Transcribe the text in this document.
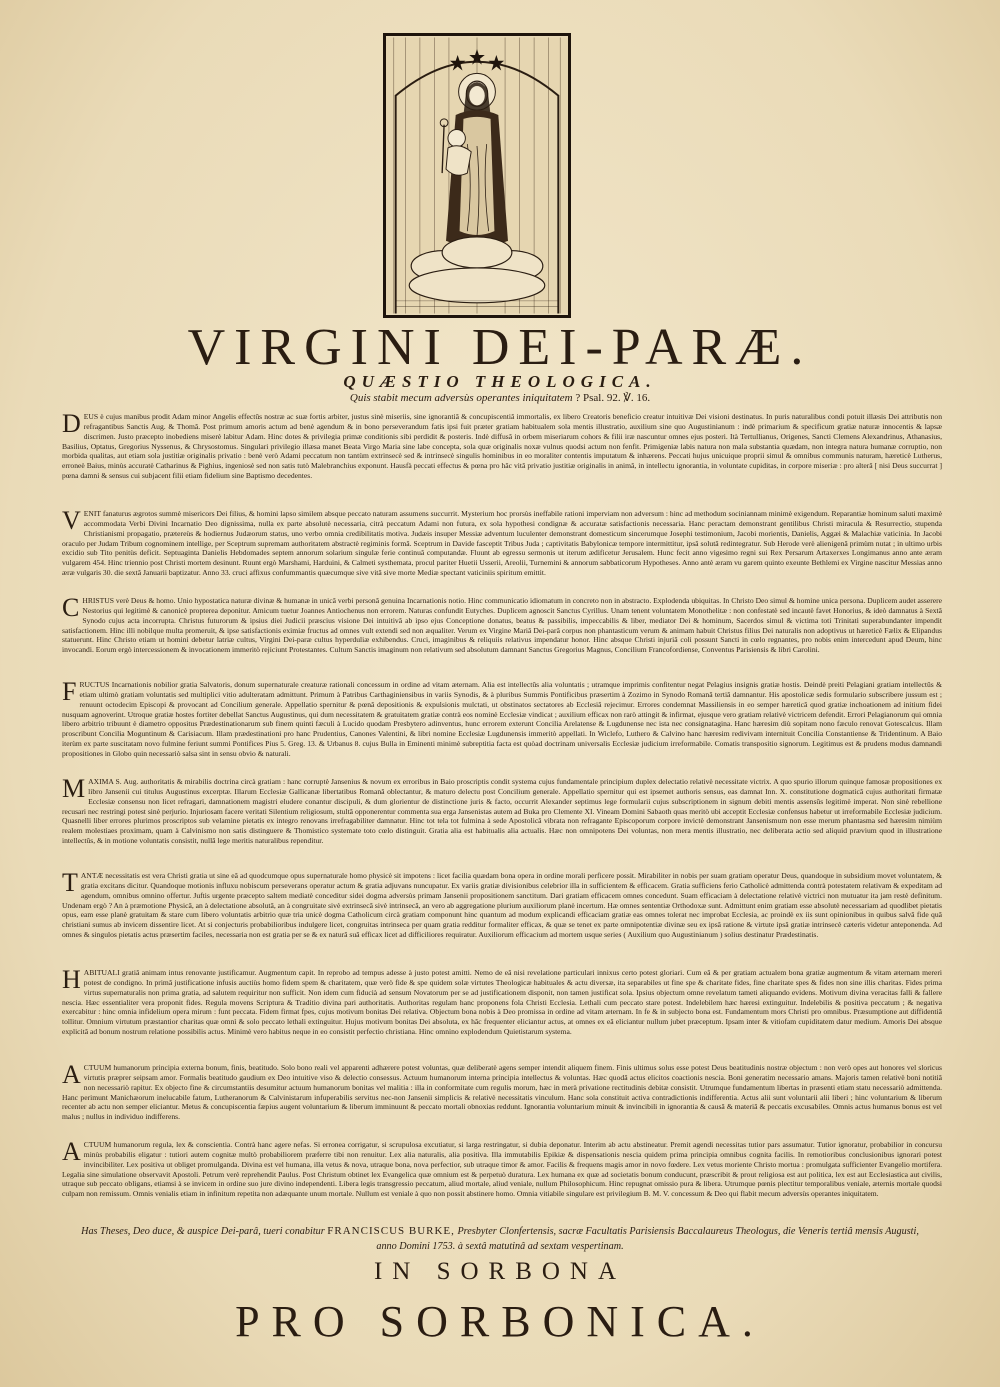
VIRGINI DEI-PARÆ.
QUÆSTIO THEOLOGICA.

Quis stabit mecum adversùs operantes iniquitatem ? Psal. 92. ℣. 16.

DEUS è cujus manibus prodit Adam minor Angelis effectûs nostræ ac suæ fortis arbiter, justus sinè miseriis, sine ignorantiâ & concupiscentiâ immortalis, ex libero Creatoris beneficio creatur intuitivæ Dei visioni destinatus. In puris naturalibus condi potuit illæsis Dei attributis non refragantibus Sanctis Aug. & Thomâ. Post primum amoris actum ad benè agendum & in bono perseverandum fatis ipsi fuit præter gratiam habitualem sola mentis illustratio, auxilium sine quo Augustinianum : indè primarium & specificum gratiæ naturæ innocentis & lapsæ discrimen. Justo præcepto inobediens miserè labitur Adam. Hinc dotes & privilegia primæ conditionis sibi perdidit & posteris. Indè diffusâ in orbem miseriarum cohors & filii iræ nascuntur omnes ejus posteri. Ità Tertullianus, Origenes, Sancti Clemens Alexandrinus, Athanasius, Basilius, Optatus, Gregorius Nyssenus, & Chrysostomus. Singulari privilegio illæsa manet Beata Virgo Maria sine labe concepta, sola quæ originalis noxæ vulnus quodsi actum non fenfit. Primigeniæ labis natura non mala substantia quædam, non integra natura humanæ corruptio, non morbida qualitas, aut etiam sola justitiæ originalis privatio : benè verò Adami peccatum non tantùm extrinsecè sed & intrinsecè singulis hominibus in eo moraliter contentis imputatum & inhærens. Peccati hujus unicuique proprii simul & omnibus communis naturam, hæreticè Lutherus, erroneè Baius, minùs accuratè Catharinus & Pighius, ingeniosè sed non satis tutò Malebranchius exponunt. Hausfà peccati effectus & pœna pro hâc vitâ privatio justitiæ originalis in animâ, in intellectu ignorantia, in voluntate cupiditas, in corpore miseriæ : pro alterâ [ nisi Deus succurrat ] pœna damni & sensus cui subjacent filii etiam fidelium sine Baptismo decedentes.

VENIT fanaturus ægrotos summè misericors Dei filius, & homini lapso similem absque peccato naturam assumens succurrit. Mysterium hoc prorsùs ineffabile rationi imperviam non adversum : hinc ad methodum sociniannam minimè exigendum. Reparantiæ hominum saluti maximè accommodata Verbi Divini Incarnatio Deo dignissima, nulla ex parte absolutè necessaria, citrà peccatum Adami non futura, ex sola hypothesi condignæ & accuratæ satisfactionis necessaria. Hanc peractam demonstrant gentilibus Christi miracula & Resurrectio, stupenda Christianismi propagatio, prætereùs & hodiernus Judæorum status, uno verbo omnia credibilitatis motiva. Judæis insuper Messiæ adventum luculenter demonstrant domesticum sincerumque Josephi testimonium, Jacobi morientis, Danielis, Aggæi & Malachiæ vaticinia. In Jacobi oraculo per Judam Tribum cognominem intellige, per Sceptrum supremam authoritatem abstractè regiminis formâ. Sceptrum in Davide fasceptit Tribus Juda ; captivitatis Babylonicæ tempore intermittitur, ipsâ solutâ redintegratur. Sub Herode verè alienigenâ primùm nutat ; in ultimo urbis excidio sub Tito penitùs deficit. Septuaginta Danielis Hebdomades septem annorum solarium singulæ ferie continuâ computandæ. Fluunt ab egressu sermonis ut iterum ædificetur Jerusalem. Hunc fecit anno vigesimo regni sui Rex Persarum Artaxerxes Longimanus anno ante æram vulgarem 454. Hinc triennio post Christi mortem desinunt. Ruunt ergò Marshami, Harduini, & Calmeti systhemata, procul pariter Huetii Usserii, Areolii, Turnemini & annorum sabbaticorum Hypotheses. Anno antè æram vu garem quinto exeunte Bethlemi ex Virgine nascitur Messias anno æræ vulgaris 30. die sextâ Januarii baptizatur. Anno 33. cruci affixus confummantis quæcumque sive vitâ sive morte Mediæ spectant vaticiniis spiritum emittit.

CHRISTUS verè Deus & homo. Unio hypostatica naturæ divinæ & humanæ in unicâ verbi personâ genuina Incarnationis notio. Hinc communicatio idiomatum in concreto non in abstracto. Explodenda ubiquitas. In Christo Deo simul & homine unica persona. Duplicem audet asserere Nestorius qui legitimè & canonicè propterea deponitur. Amicum tuetur Joannes Antiochenus non errorem. Naturas confundit Eutyches. Duplicem agnoscit Sanctus Cyrillus. Unam tenent voluntatem Monothelitæ : non confestatè sed incautè favet Honorius, & ideò damnatus à Sextâ Synodo cujus acta incorrupta. Christus futurorum & ipsius diei Judicii præscius visione Dei intuitivâ ab ipso ejus Conceptione donatus, beatus & passibilis, impeccabilis & liber, mediator Dei & hominum, Sacerdos simul & victima toti Trinitati superabundanter impendit satisfactionem. Hinc illi nobilque multa promeruit, & ipse satisfactionis eximiæ fructus ad omnes vult extendi sed non æqualiter. Verum ex Virgine Mariâ Dei-parâ corpus non phantasticum verum & animam habuit Christus filius Dei naturalis non adoptivus ut hæreticè Fælix & Elipandus statuerunt. Hinc Christo etiam ut homini debetur latriæ cultus, Virgini Dei-paræ cultus hyperduliæ exhibendus. Cruci, imaginibus & reliquiis relativus impendatur honor. Hinc absque Christi injuriâ coli possunt Sancti in cœlo regnantes, pro nobis enim intercedunt apud Deum, hinc invocandi. Eorum ergò intercessionem & invocationem immeritò rejiciunt Protestantes. Cultum Sanctis imaginum non relativum sed absolutum damnant Sanctus Gregorius Magnus, Concilium Francofordiense, Conventus Parisiensis & libri Carolini.

FRUCTUS Incarnationis nobilior gratia Salvatoris, donum supernaturale creaturæ rationali concessum in ordine ad vitam æternam. Alia est intellectûs alia voluntatis ; utramque imprimis confitentur negat Pelagius insignis gratiæ hostis. Deindè preiti Pelagiani gratiam intellectûs & etiam ultimò gratiam voluntatis sed multiplici vitio adulteratam admittunt. Primum à Patribus Carthaginiensibus in variis Synodis, & à pluribus Summis Pontificibus præsertim à Zozimo in Synodo Romanâ tertiâ damnantur. His apostolicæ sedis formulario subscribere jussum est ; renuunt octodecim Episcopi & provocant ad Concilium generale. Appellatio spernitur & pœnâ depositionis & expulsionis mulctati, ut obstinatos sectatores ab Ecclesiâ rejecimur. Errores condemnat Massiliensis in eo semper hæreticâ quod gratiæ inchoationem ad initium fidei nusquam agnoverint. Utroque gratiæ hostes fortiter debellat Sanctus Augustinus, qui dum necessitatem & gratuitatem gratiæ contrà eos nominè Ecclesiæ vindicat ; auxilium efficax non rarò attingit & infirmat, ejusque vero gratiam relativè victricem defendit. Errori Pelagianorum qui omnia libero arbitrio tribuunt è diametro oppositus Prædestinationarum sub finem quinti fæculi à Lucido quodam Presbytero adinventus, hunc errorem exterunt Concilia Arelatense & Lugdunense nec ista nec consignatagina. Hanc hæresim diù sopitam nono fæculo renovat Gotescalcus. Illam proscribunt Concilia Moguntinum & Carisiacum. Illam prædestinationi pro hanc Prudentius, Canones Valentini, & libri nomine Ecclesiæ Lugdunensis immeritò appellati. In Wiclefo, Luthero & Calvino hanc hæresim redivivam internituit Concilia Constantiense & Tridentinum. A Baio iterùm ex parte suscitatam novo fulmine feriunt summi Pontifices Pius 5. Greg. 13. & Urbanus 8. cujus Bulla in Eminenti minimè subreptitia facta est quòad doctrinam universalis Ecclesiæ judicium irreformabile. Comatis transpositio signorum. Legitimus est & prudens modus damnandi propositiones in Globo quin necessariò salsa sint in sensu obvio & naturali.

MAXIMA S. Aug. authoritatis & mirabilis doctrina circà gratiam : hanc corruptè Jansenius & novum ex erroribus in Baio proscriptis condit systema cujus fundamentale principium duplex delectatio relativè necessitate victrix. A quo spurio illorum quinque famosæ propositiones ex libro Jansenii cui titulus Augustinus excerptæ. Illarum Ecclesiæ Gallicanæ libertatibus Romanâ oblectantur, & maturo delectu post Concilium generale. Appellatio spernitur qui est ipsemet authoris sensus, eas damnat Inn. X. constitutione dogmaticâ cujus authoritati firmatæ Ecclesiæ consensu non licet refragari, damnationem magistri eludere conantur discipuli, & dum glorientur de distinctione juris & facto, occurrit Alexander septimus lege formularii cujus subscriptionem in signum debiti mentis assensûs legitimè imperat. Non sinè rebellione recusari nec restringi potest sinè perjurio. Injuriosam facere veritati Silentium religiosum, stultâ opponerentur commenta sua erga Jansenistas autem ad Buka pro Clemente XI. Vineam Domini Sabaoth quas meritò ubi acceptit Ecclesiæ confensus habetur ut irreformabile Ecclesiæ judicium. Quasnelli liber errores plurimos proscriptos sub velamine pietatis ex integro renovans irrefragabiliter damnatur. Hinc tot tela tot fulmina à sede Apostolicâ vibrata non refragante Episcoporum corpore invictè demonstrant Jansenismum non esse merum phantasma sed hæresim nimiùm realem molestiaes proximam, quam à Calvinismo non satis distinguere & Thomistico systemate toto cœlo distinguit. Gratia alia est habitualis alia actualis. Hæc non omnipotens Dei voluntas, non mera mentis illustratio, nec deliberata actio sed aliquid prævium quod in illustratione intellectûs, & in motione voluntatis consistit, nullâ lege meritis naturalibus rependitur.

TANTÆ necessitatis est vera Christi gratia ut sine eâ ad quodcumque opus supernaturale homo physicè sit impotens : licet facilia quædam bona opera in ordine morali perficere possit. Mirabiliter in nobis per suam gratiam operatur Deus, quandoque in subsidium movet voluntatem, & gratia excitans dicitur. Quandoque motionis influxu nobiscum perseverans operatur actum & gratia adjuvans nuncupatur. Ex variis gratiæ divisionibus celebrior illa in sufficientem & efficacem. Gratia sufficiens ferio Catholicè admittenda contrà potestatem relativam & expeditam ad agendum, omnibus omnino offertur. Juftis urgente præcepto saltem mediatè conceditur sidei dogma adversùs primam Jansenii propositionem sanctitum. Dari gratiam efficacem omnes concedunt. Suam efficaciam à delectatione relativè victrici non mutuatur ita jam restè definitum. Undenam ergò ? An à præmotione Physicâ, an à delectatione absolutâ, an à congruitate sivè extrinsecâ sivè intrinsecâ, an vero ab aggregatione plurium auxiliorum planè incertum. Hæ omnes sententiæ Orthodoxæ sunt. Admittunt enim gratiam esse absolutè necessariam ad quodlibet pietatis opus, eam esse planè gratuitam & stare cum libero voluntatis arbitrio quæ tria unicè dogma Catholicum circà gratiam componunt hinc quantum ad modum explicandi efficaciam gratiæ eas omnes tolerat nec improbat Ecclesia, ac proindè ex iis sunt opinionibus in quibus salvâ fide quâ christiani sumus ab invicem dissentire licet. At si conjecturis probabilioribus indulgere licet, congruitas intrinseca per quam gratia redditur formaliter efficax, & quæ se tenet ex parte omnipotentiæ divinæ seu ex ipsâ ratione & virtute ipsâ gratiæ intrinsecè cæteris videtur anteponenda. Ad omnes & singulos pietatis actus præsertim faciles, necessaria non est gratia per se & ex naturâ suâ efficax licet ad difficiliores requiratur. Auxiliorum efficacium ad mortem usque series ( Auxilium quo Augustinianum ) solius destinatur Prædestinatis.

HABITUALI gratiâ animam intus renovante justificamur. Augmentum capit. In reprobo ad tempus adesse à justo potest amitti. Nemo de eâ nisi revelatione particulari innixus certo potest gloriari. Cum eâ & per gratiam actualem bona gratiæ augmentum & vitam æternam mereri potest de condigno. In primâ justificatione infusis auctiùs homo fidem spem & charitatem, quæ verò fide & spe quidem solæ virtutes Theologicæ habituales & actu diversæ, ita separabiles ut fine spe & charitate fides, fine charitate spes & fides non sine illis charitas. Fides prima virtus supernaturalis non prima gratia, ad salutem requiritur non sufficit. Non idem cum fiducià ad sensum Novatorum per se ad justificationem disponit, non tamen justificat sola. Ipsius objectum omne revelatum tameti aliquando evidens. Motivum divina veracitas falli & fallere nescia. Hæc essentialiter vera proponit fides. Regula movens Scriptura & Traditio divina pari authoritatis. Authoritas regulam hanc proponens fola Christi Ecclesia. Lethali cum peccato stare potest. Indelebilem hæc hæresi extinguitur. Indelebilis & positiva peccatum ; & negativa exercabitur : hinc omnia infidelium opera mirum : funt peccata. Fidem firmat fpes, cujus motivum bonitas Dei relativa. Objectum bona nobis à Deo promissa in ordine ad vitam æternam. In fe & in subjecto bona est. Fundamentum mors Christi pro omnibus. Præsumptione aut diffidentiâ tollitur. Omnium virtutum præstantior charitas quæ omnì & solo peccato lethali extinguitur. Hujus motivum bonitas Dei absoluta, ex hâc frequenter eliciantur actus, at omnes ex eâ eliciantur nullum jubet præceptum. Ipsam inter & vitiofam cupiditatem datur medium. Amoris Dei absque explicitâ ad bonum nostrum relatione possibilis actus. Minimè vero habitus neque in eo consistit perfectio christiana. Hinc omnino explodendum Quietistarum systema.

ACTUUM humanorum principia externa bonum, finis, beatitudo. Solo bono reali vel apparenti adhærere potest voluntas, quæ deliberatè agens semper intendit aliquem finem. Finis ultimus solus esse potest Deus beatitudinis nostræ objectum : non verò opes aut honores vel sloricus virtutis præprer seipsam amor. Formalis beatitudo gaudium ex Deo intuitive viso & delectio consessus. Actuum humanorum interna principia intellectus & voluntas. Hæc quodâ actus elicitos coactionis nescia. Boni generatim necessario amans. Majoris tamen relativè boni notitiâ non necessariò rapitur. Ex objecto fine & circumstantiis desumitur actuum humanorum bonitas vel malitia : illa in conformitate cum regulis morum, hæc in merà privatione rectitudinis debitæ consistit. Utrumque fundamentum libertas in præsenti etiam statu necessariò admittenda. Hanc perimunt Manichæorum inelucabile fatum, Lutheranorum & Calvinistarum infuperabilis servitus nec-non Jansenii simplicis & relativè necessitatis vinculum. Hanc sola constituit activa contradictionis indifferentia. Actus alii sunt voluntarii alii liberi ; hinc voluntarium & liberum recenter ab actu non semper eliciantur. Metus & concupiscentia fæpius augent voluntarium & liberum imminuunt & peccato mortali obnoxias reddunt. Ignorantia voluntarium minuit & invincibili in ignorantia & causâ & materiâ & peccatis excusabiles. Omnis actus humanus bonus est vel malus ; nullus in individuo indifferens.

ACTUUM humanorum regula, lex & conscientia. Contrà hanc agere nefas. Si erronea corrigatur, si scrupulosa excutiatur, si larga restringatur, si dubia deponatur. Interim ab actu abstineatur. Premit agendi necessitas tutior pars assumatur. Tutior ignoratur, probabilior in concursu minùs probabilis eligatur : tutiori autem cognitæ multò probabiliorem præferre tibi non renuitur. Lex alia naturalis, alia positiva. Illa immutabilis Epikiæ & dispensationis nescia quidem prima principia omnibus cognita facilis. In remotioribus conclusionibus ignorari potest invincibiliter. Lex positiva ut obliget promulganda. Divina est vel humana, illa vetus & nova, utraque bona, nova perfectior, sub utraque timor & amor. Facilis & frequens magis amor in novo fœdere. Lex vetus moriente Christo mortua : promulgata sufficienter Evangelio mortifera. Legalia sine simulatione observavit Apostoli. Petrum verè reprehendit Paulus. Post Christum obtinet lex Evangelica quæ omnium est & perpetuò duratura. Lex humana ex quæ ad societatis bonum conducunt, præscribit & prout religiosa est aut politica, lex est aut Ecclesiastica aut civilis, utraque sub peccato obligans, etiamsi à se invicem in ordine suo jure divino independenti. Libera legis transgressio peccatum, aliud mortale, aliud veniale, nullum Philosophicum. Hinc repugnat omissio pura & libera. Utrumque pœnis plectitur temporalibus veniale, æternis mortale quodsi culpam non remissum. Omnis venialis etiam in infinitum repetita non adæquante unum mortale. Nullum est veniale à quo non possit abstinere homo. Omnia vitiabile singulare est privilegium B. M. V. concessum & Deo qui flabit mecum adversùs operantes iniquitatem.

Has Theses, Deo duce, & auspice Dei-parâ, tueri conabitur FRANCISCUS BURKE, Presbyter Clonfertensis, sacræ Facultatis Parisiensis Baccalaureus Theologus, die Veneris tertiâ mensis Augusti, anno Domini 1753. à sextâ matutinâ ad sextam vespertinam.

IN SORBONA

PRO SORBONICA.
